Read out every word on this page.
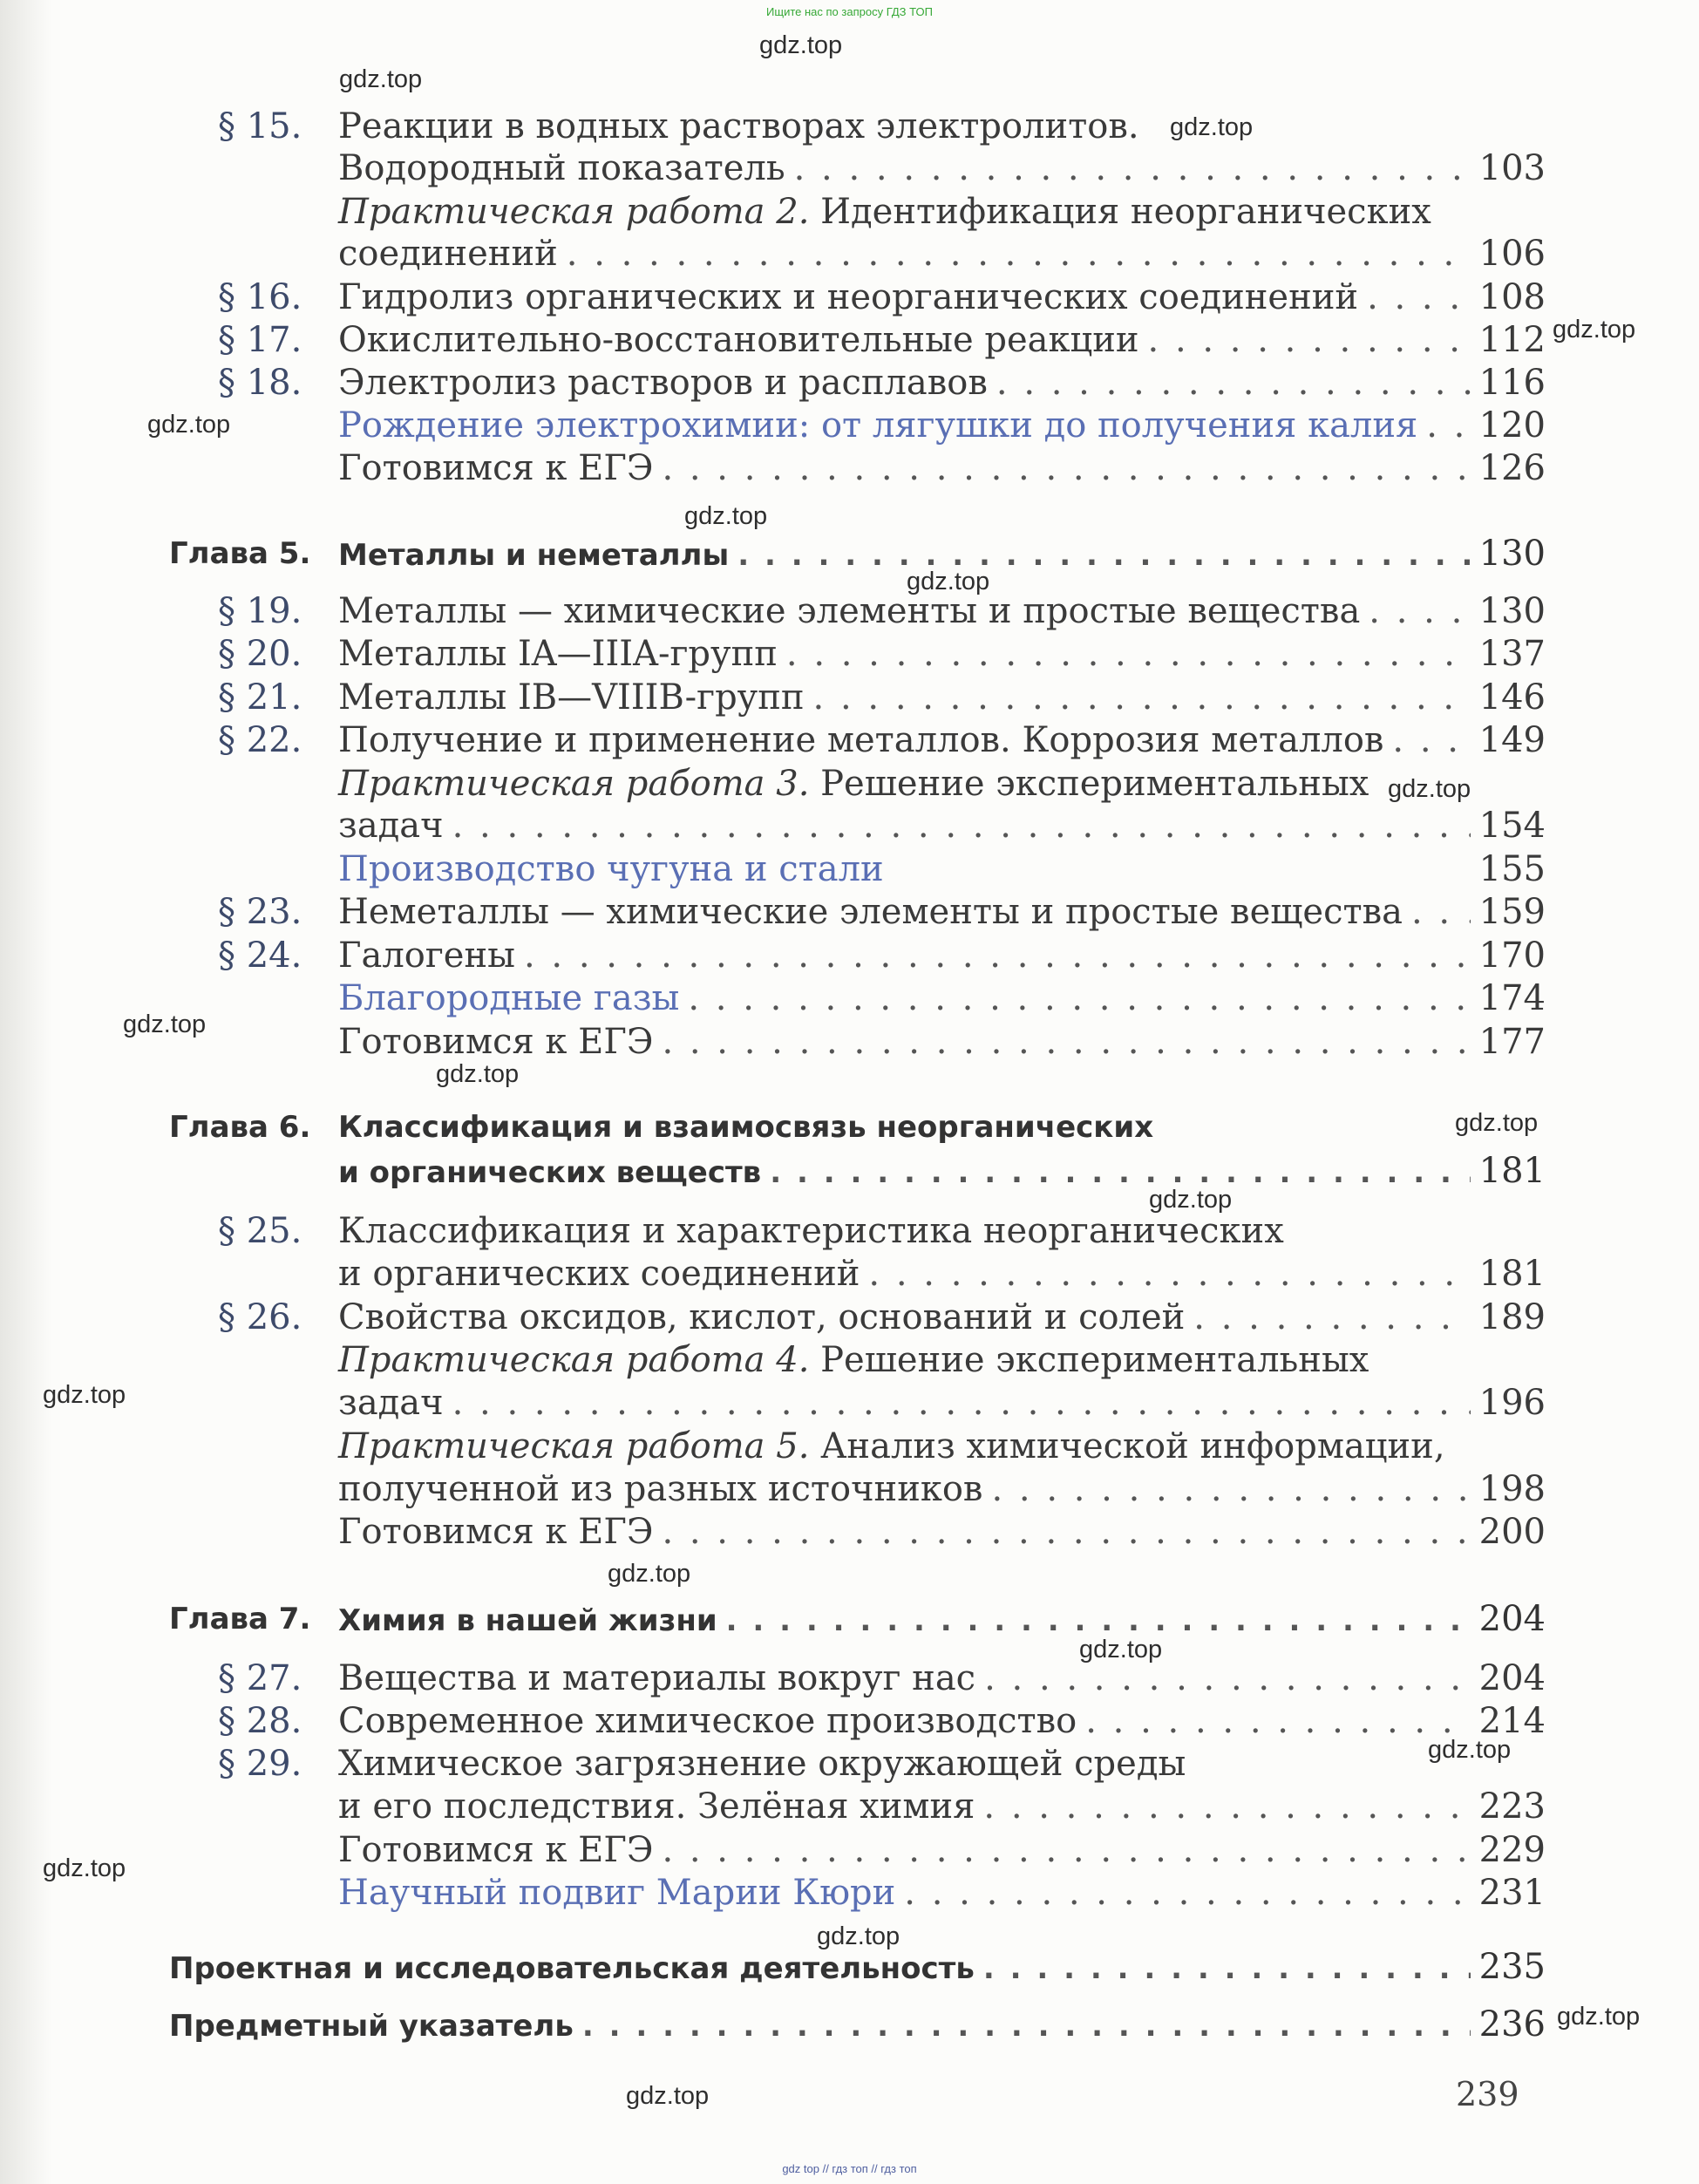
Ищите нас по запросу ГДЗ ТОП
gdz.top
gdz.top
gdz.top
gdz.top
gdz.top
gdz.top
gdz.top
gdz.top
gdz.top
gdz.top
gdz.top
gdz.top
gdz.top
gdz.top
gdz.top
gdz.top
gdz.top
gdz.top
gdz.top
gdz.top
§ 15. Реакции в водных растворах электролитов.
Водородный показатель . . .	103
Практическая работа 2. Идентификация неорганических
соединений . . .	106
§ 16. Гидролиз органических и неорганических соединений . . .	108
§ 17. Окислительно-восстановительные реакции . . .	112
§ 18. Электролиз растворов и расплавов . . .	116
Рождение электрохимии: от лягушки до получения калия . . . 120
Готовимся к ЕГЭ . . .	126
Глава 5. Металлы и неметаллы . . .	130
§ 19. Металлы — химические элементы и простые вещества . . .	130
§ 20. Металлы IA—IIIA-групп . . .	137
§ 21. Металлы IB—VIIIB-групп . . .	146
§ 22. Получение и применение металлов. Коррозия металлов . . .	149
Практическая работа 3. Решение экспериментальных
задач . . .	154
Производство чугуна и стали	155
§ 23. Неметаллы — химические элементы и простые вещества . . . 159
§ 24. Галогены . . .	170
Благородные газы . . .	174
Готовимся к ЕГЭ . . .	177
Глава 6. Классификация и взаимосвязь неорганических
и органических веществ . . .	181
§ 25. Классификация и характеристика неорганических
и органических соединений . . .	181
§ 26. Свойства оксидов, кислот, оснований и солей . . .	189
Практическая работа 4. Решение экспериментальных
задач . . .	196
Практическая работа 5. Анализ химической информации,
полученной из разных источников . . .	198
Готовимся к ЕГЭ . . .	200
Глава 7. Химия в нашей жизни . . .	204
§ 27. Вещества и материалы вокруг нас . . .	204
§ 28. Современное химическое производство . . .	214
§ 29. Химическое загрязнение окружающей среды
и его последствия. Зелёная химия . . .	223
Готовимся к ЕГЭ . . .	229
Научный подвиг Марии Кюри . . .	231
Проектная и исследовательская деятельность . . .	235
Предметный указатель . . .	236
239
gdz top // гдз топ // гдз топ
